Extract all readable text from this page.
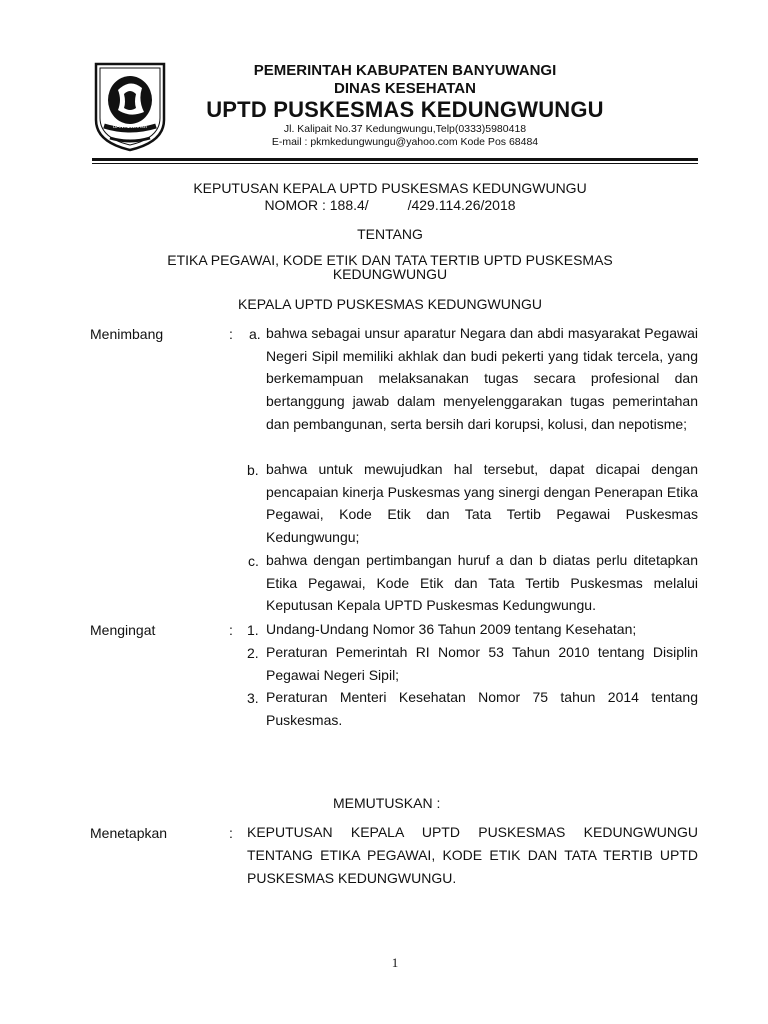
BANYUWANGI
PEMERINTAH KABUPATEN BANYUWANGI
DINAS KESEHATAN
UPTD PUSKESMAS KEDUNGWUNGU
Jl. Kalipait No.37 Kedungwungu,Telp(0333)5980418
E-mail : pkmkedungwungu@yahoo.com Kode Pos 68484
KEPUTUSAN KEPALA UPTD PUSKESMAS KEDUNGWUNGU
NOMOR : 188.4/          /429.114.26/2018
TENTANG
ETIKA PEGAWAI, KODE ETIK DAN TATA TERTIB UPTD PUSKESMAS
KEDUNGWUNGU
KEPALA UPTD PUSKESMAS KEDUNGWUNGU
Menimbang	: a. bahwa sebagai unsur aparatur Negara dan abdi masyarakat Pegawai Negeri Sipil memiliki akhlak dan budi pekerti yang tidak tercela, yang berkemampuan melaksanakan tugas secara profesional dan bertanggung jawab dalam menyelenggarakan tugas pemerintahan dan pembangunan, serta bersih dari korupsi, kolusi, dan nepotisme;
b. bahwa untuk mewujudkan hal tersebut, dapat dicapai dengan pencapaian kinerja Puskesmas yang sinergi dengan Penerapan Etika Pegawai, Kode Etik dan Tata Tertib Pegawai Puskesmas Kedungwungu;
c. bahwa dengan pertimbangan huruf a dan b diatas perlu ditetapkan Etika Pegawai, Kode Etik dan Tata Tertib Puskesmas melalui Keputusan Kepala UPTD Puskesmas Kedungwungu.
Mengingat	: 1. Undang-Undang Nomor 36 Tahun 2009 tentang Kesehatan;
2. Peraturan Pemerintah RI Nomor 53 Tahun 2010 tentang Disiplin Pegawai Negeri Sipil;
3. Peraturan Menteri Kesehatan Nomor 75 tahun 2014 tentang Puskesmas.
MEMUTUSKAN :
Menetapkan	: KEPUTUSAN KEPALA UPTD PUSKESMAS KEDUNGWUNGU TENTANG ETIKA PEGAWAI, KODE ETIK DAN TATA TERTIB UPTD PUSKESMAS KEDUNGWUNGU.
1
